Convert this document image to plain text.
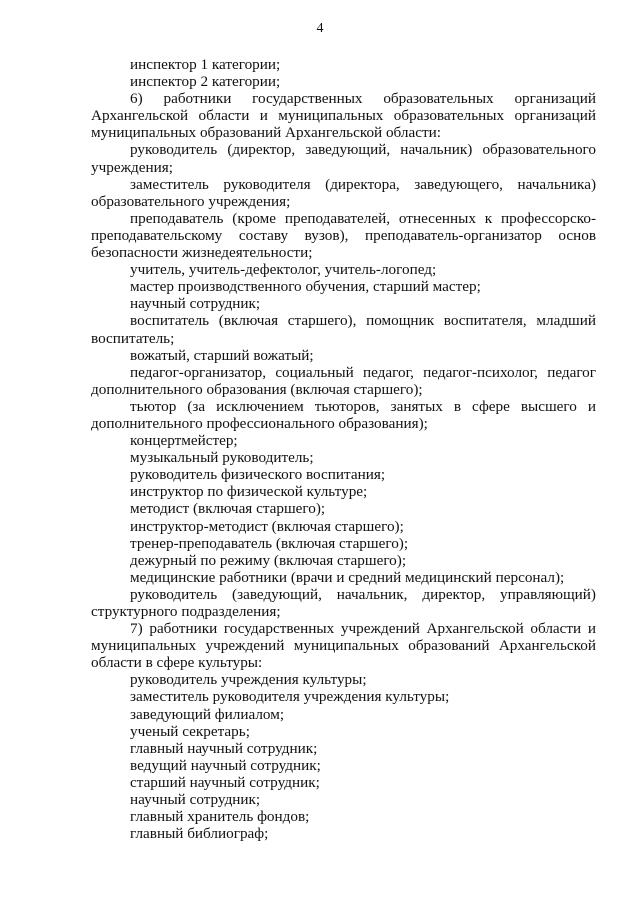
4

инспектор 1 категории;

инспектор 2 категории;

6) работники государственных образовательных организаций Архангельской области и муниципальных образовательных организаций муниципальных образований Архангельской области:

руководитель (директор, заведующий, начальник) образовательного учреждения;

заместитель руководителя (директора, заведующего, начальника) образовательного учреждения;

преподаватель (кроме преподавателей, отнесенных к профессорско-преподавательскому составу вузов), преподаватель-организатор основ безопасности жизнедеятельности;

учитель, учитель-дефектолог, учитель-логопед;

мастер производственного обучения, старший мастер;

научный сотрудник;

воспитатель (включая старшего), помощник воспитателя, младший воспитатель;

вожатый, старший вожатый;

педагог-организатор, социальный педагог, педагог-психолог, педагог дополнительного образования (включая старшего);

тьютор (за исключением тьюторов, занятых в сфере высшего и дополнительного профессионального образования);

концертмейстер;

музыкальный руководитель;

руководитель физического воспитания;

инструктор по физической культуре;

методист (включая старшего);

инструктор-методист (включая старшего);

тренер-преподаватель (включая старшего);

дежурный по режиму (включая старшего);

медицинские работники (врачи и средний медицинский персонал);

руководитель (заведующий, начальник, директор, управляющий) структурного подразделения;

7) работники государственных учреждений Архангельской области и муниципальных учреждений муниципальных образований Архангельской области в сфере культуры:

руководитель учреждения культуры;

заместитель руководителя учреждения культуры;

заведующий филиалом;

ученый секретарь;

главный научный сотрудник;

ведущий научный сотрудник;

старший научный сотрудник;

научный сотрудник;

главный хранитель фондов;

главный библиограф;
